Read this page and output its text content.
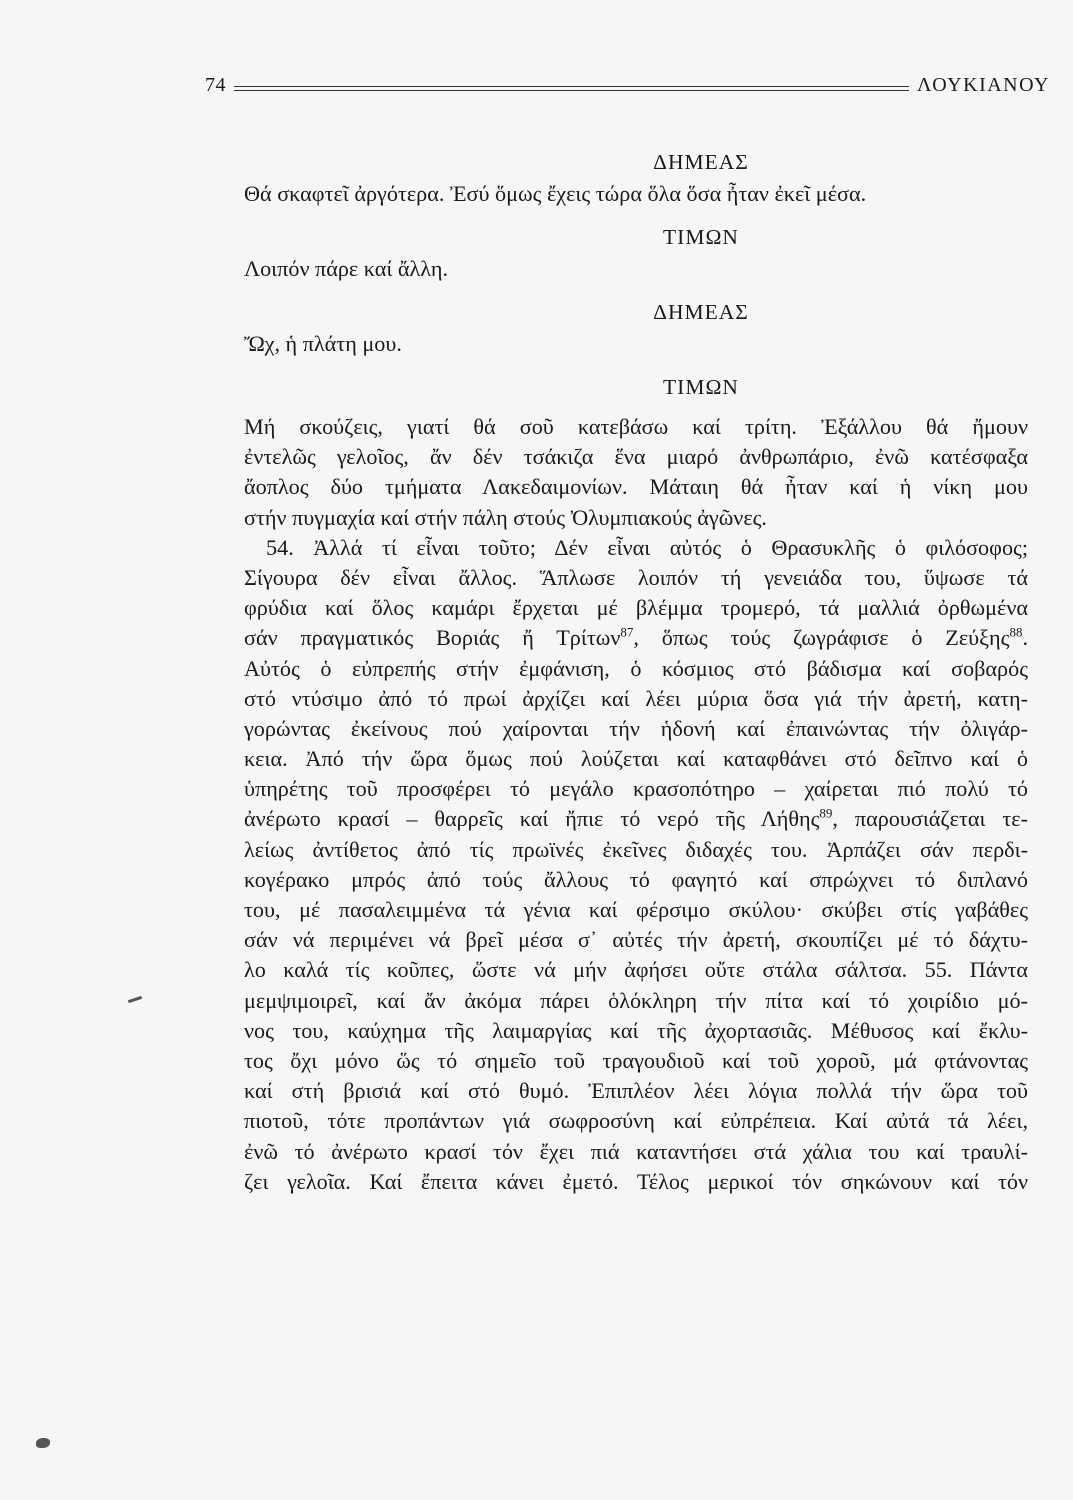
74	ΛΟΥΚΙΑΝΟΥ
ΔΗΜΕΑΣ
Θά σκαφτεῖ ἀργότερα. Ἐσύ ὅμως ἔχεις τώρα ὅλα ὅσα ἦταν ἐκεῖ μέσα.
ΤΙΜΩΝ
Λοιπόν πάρε καί ἄλλη.
ΔΗΜΕΑΣ
Ὤχ, ἡ πλάτη μου.
ΤΙΜΩΝ
Μή σκούζεις, γιατί θά σοῦ κατεβάσω καί τρίτη. Ἐξάλλου θά ἤμουν
ἐντελῶς γελοῖος, ἄν δέν τσάκιζα ἕνα μιαρό ἀνθρωπάριο, ἐνῶ κατέσφαξα
ἄοπλος δύο τμήματα Λακεδαιμονίων. Μάταιη θά ἦταν καί ἡ νίκη μου
στήν πυγμαχία καί στήν πάλη στούς Ὀλυμπιακούς ἀγῶνες.
54. Ἀλλά τί εἶναι τοῦτο; Δέν εἶναι αὐτός ὁ Θρασυκλῆς ὁ φιλόσοφος;
Σίγουρα δέν εἶναι ἄλλος. Ἅπλωσε λοιπόν τή γενειάδα του, ὕψωσε τά
φρύδια καί ὅλος καμάρι ἔρχεται μέ βλέμμα τρομερό, τά μαλλιά ὀρθωμένα
σάν πραγματικός Βοριάς ἤ Τρίτων$^{87}$, ὅπως τούς ζωγράφισε ὁ Ζεύξης$^{88}$.
Αὐτός ὁ εὐπρεπής στήν ἐμφάνιση, ὁ κόσμιος στό βάδισμα καί σοβαρός
στό ντύσιμο ἀπό τό πρωί ἀρχίζει καί λέει μύρια ὅσα γιά τήν ἀρετή, κατη-
γορώντας ἐκείνους πού χαίρονται τήν ἡδονή καί ἐπαινώντας τήν ὀλιγάρ-
κεια. Ἀπό τήν ὥρα ὅμως πού λούζεται καί καταφθάνει στό δεῖπνο καί ὁ
ὑπηρέτης τοῦ προσφέρει τό μεγάλο κρασοπότηρο – χαίρεται πιό πολύ τό
ἀνέρωτο κρασί – θαρρεῖς καί ἤπιε τό νερό τῆς Λήθης$^{89}$, παρουσιάζεται τε-
λείως ἀντίθετος ἀπό τίς πρωϊνές ἐκεῖνες διδαχές του. Ἁρπάζει σάν περδι-
κογέρακο μπρός ἀπό τούς ἄλλους τό φαγητό καί σπρώχνει τό διπλανό
του, μέ πασαλειμμένα τά γένια καί φέρσιμο σκύλου· σκύβει στίς γαβάθες
σάν νά περιμένει νά βρεῖ μέσα σ᾽ αὐτές τήν ἀρετή, σκουπίζει μέ τό δάχτυ-
λο καλά τίς κοῦπες, ὥστε νά μήν ἀφήσει οὔτε στάλα σάλτσα. 55. Πάντα
μεμψιμοιρεῖ, καί ἄν ἀκόμα πάρει ὁλόκληρη τήν πίτα καί τό χοιρίδιο μό-
νος του, καύχημα τῆς λαιμαργίας καί τῆς ἀχορτασιᾶς. Μέθυσος καί ἔκλυ-
τος ὄχι μόνο ὥς τό σημεῖο τοῦ τραγουδιοῦ καί τοῦ χοροῦ, μά φτάνοντας
καί στή βρισιά καί στό θυμό. Ἐπιπλέον λέει λόγια πολλά τήν ὥρα τοῦ
πιοτοῦ, τότε προπάντων γιά σωφροσύνη καί εὐπρέπεια. Καί αὐτά τά λέει,
ἐνῶ τό ἀνέρωτο κρασί τόν ἔχει πιά καταντήσει στά χάλια του καί τραυλί-
ζει γελοῖα. Καί ἔπειτα κάνει ἐμετό. Τέλος μερικοί τόν σηκώνουν καί τόν
